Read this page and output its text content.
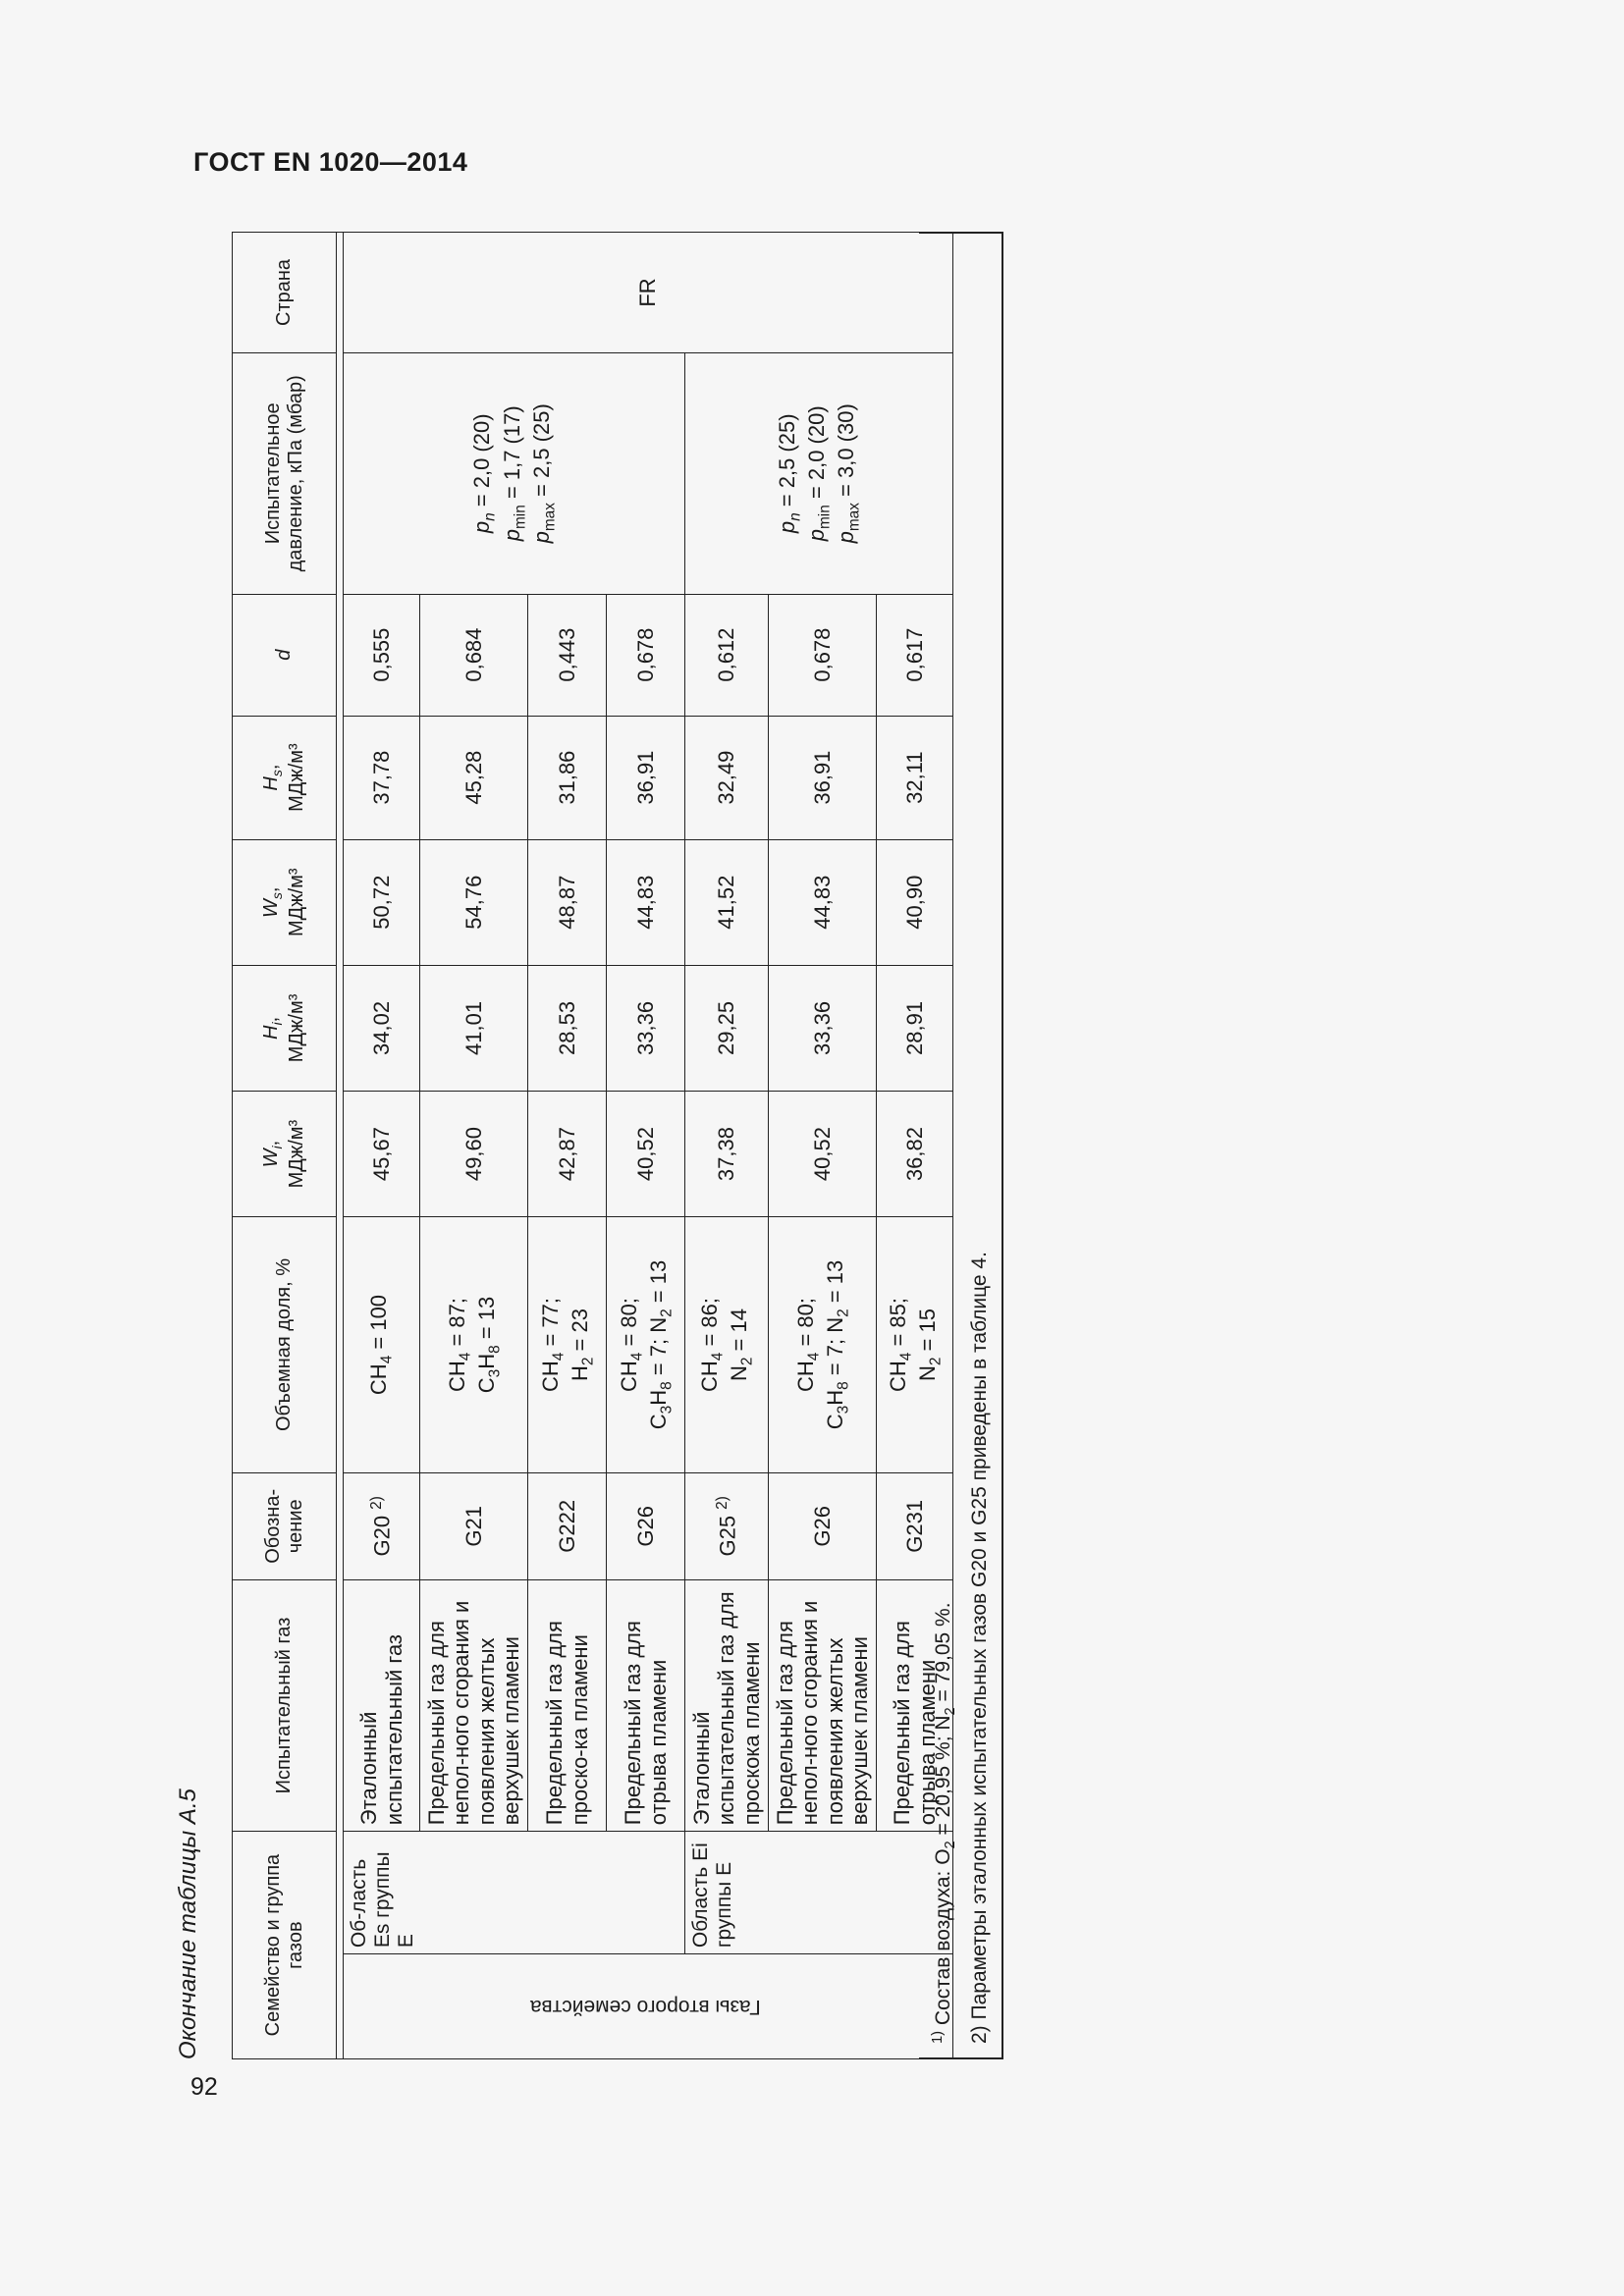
ГОСТ EN 1020—2014
Окончание таблицы А.5	Семейство и группа газов		Испытательный газ	Обозна-чение	Объемная доля, %	$W_i$, МДж/м³	$H_i$, МДж/м³	$W_s$, МДж/м³	$H_s$, МДж/м³	d	Испытательное давление, кПа (мбар)	Страна

Газы второго семейства	Об-ласть Es группы Е	Эталонный испытательный газ	G20 $^{2)}$	$CH_4 = 100$	45,67	34,02	50,72	37,78	0,555	$p_n = 2,0$ (20)
$p_{min} = 1,7$ (17)
$p_{max} = 2,5$ (25)	FR
		Предельный газ для непол-ного сгорания и появления желтых верхушек пламени	G21	$CH_4 = 87$;
$C_3H_8 = 13$	49,60	41,01	54,76	45,28	0,684		
		Предельный газ для проско-ка пламени	G222	$CH_4 = 77$;
$H_2 = 23$	42,87	28,53	48,87	31,86	0,443		
		Предельный газ для отрыва пламени	G26	$CH_4 = 80$;
$C_3H_8 = 7$; $N_2 = 13$	40,52	33,36	44,83	36,91	0,678		
	Область Ei группы Е	Эталонный испытательный газ для проскока пламени	G25 $^{2)}$	$CH_4 = 86$;
$N_2 = 14$	37,38	29,25	41,52	32,49	0,612	$p_n = 2,5$ (25)
$p_{min} = 2,0$ (20)
$p_{max} = 3,0$ (30)	
		Предельный газ для непол-ного сгорания и появления желтых верхушек пламени	G26	$CH_4 = 80$;
$C_3H_8 = 7$; $N_2 = 13$	40,52	33,36	44,83	36,91	0,678		
		Предельный газ для отрыва пламени	G231	$CH_4 = 85$;
$N_2 = 15$	36,82	28,91	40,90	32,11	0,617		
$^{1)}$ Состав воздуха: $O_2 = 20,95$ %; $N_2 = 79,05$ %.
2) Параметры эталонных испытательных газов G20 и G25 приведены в таблице 4.
92
